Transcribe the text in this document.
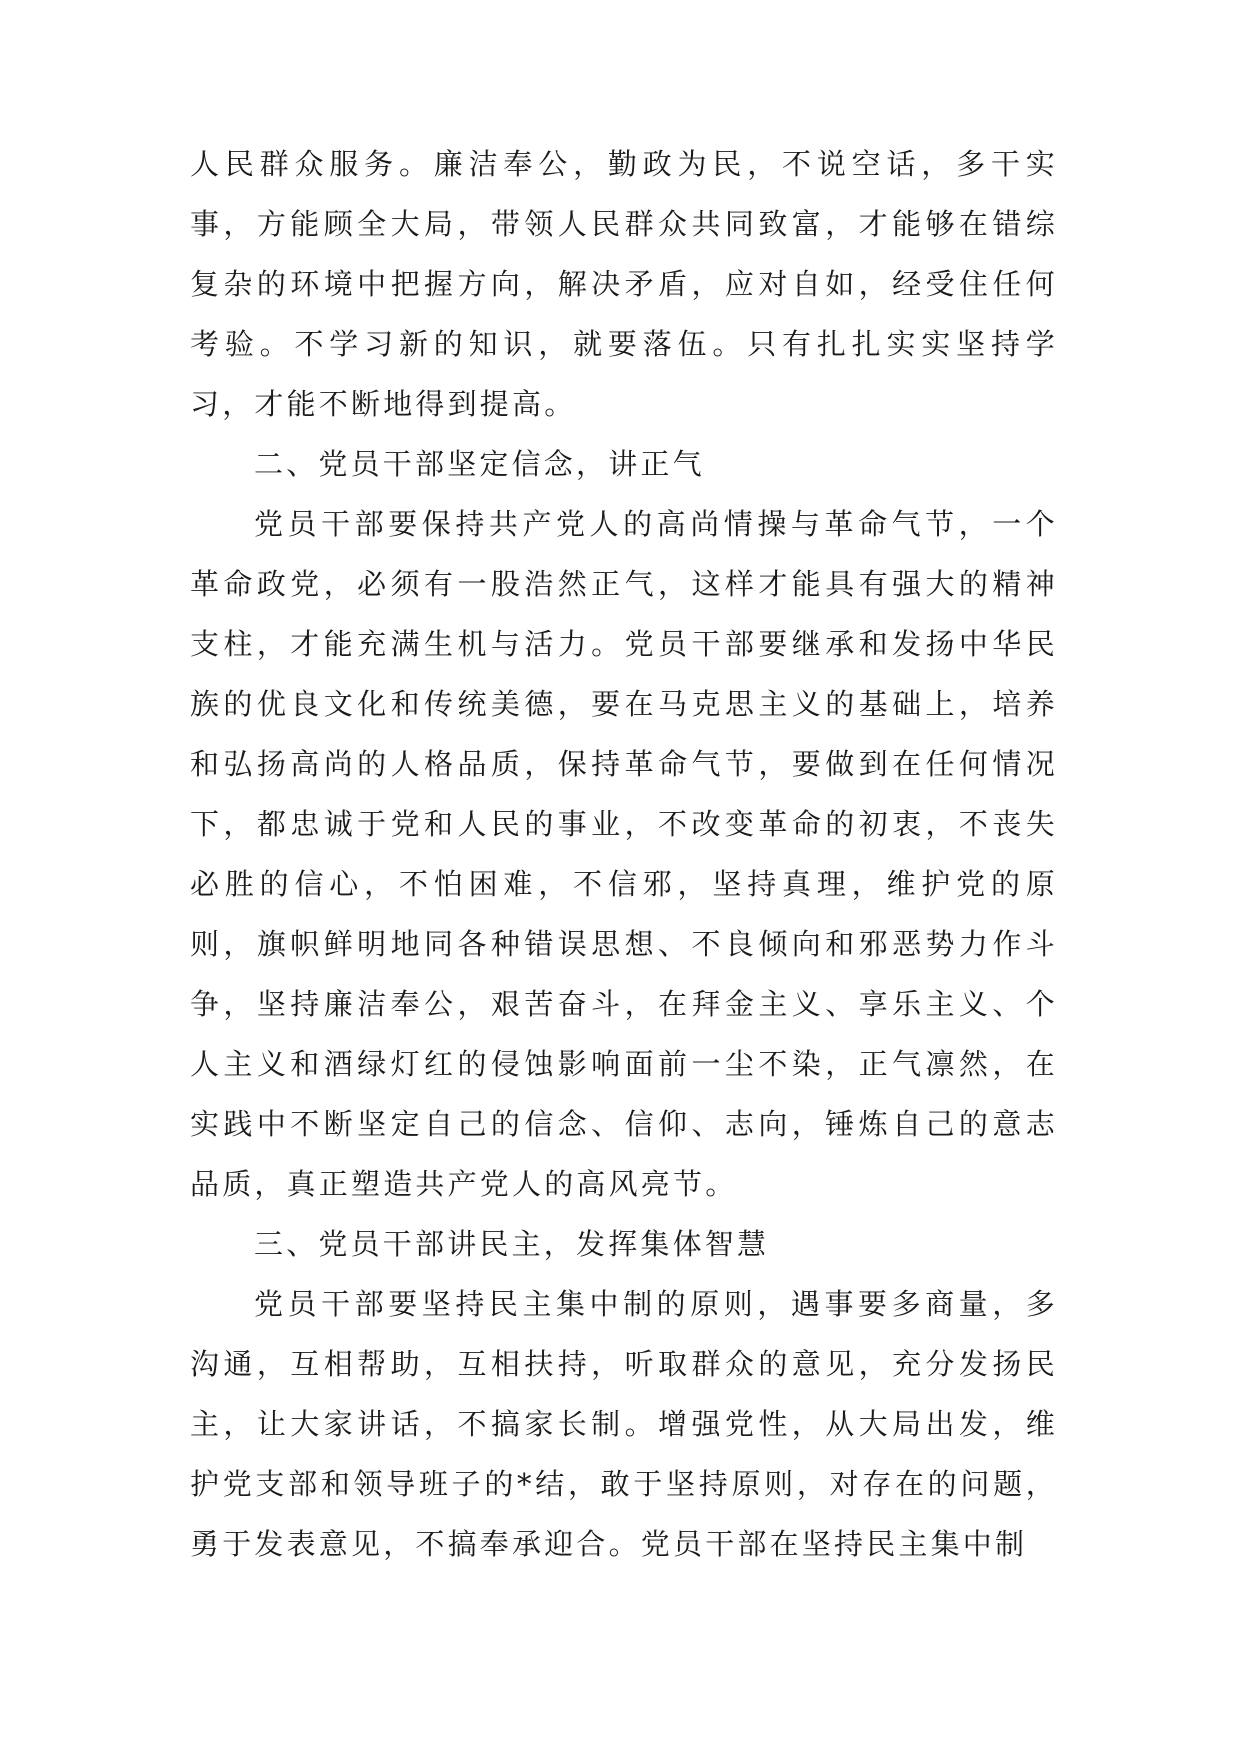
人民群众服务。廉洁奉公，勤政为民，不说空话，多干实事，方能顾全大局，带领人民群众共同致富，才能够在错综复杂的环境中把握方向，解决矛盾，应对自如，经受住任何考验。不学习新的知识，就要落伍。只有扎扎实实坚持学习，才能不断地得到提高。

二、党员干部坚定信念，讲正气

党员干部要保持共产党人的高尚情操与革命气节，一个革命政党，必须有一股浩然正气，这样才能具有强大的精神支柱，才能充满生机与活力。党员干部要继承和发扬中华民族的优良文化和传统美德，要在马克思主义的基础上，培养和弘扬高尚的人格品质，保持革命气节，要做到在任何情况下，都忠诚于党和人民的事业，不改变革命的初衷，不丧失必胜的信心，不怕困难，不信邪，坚持真理，维护党的原则，旗帜鲜明地同各种错误思想、不良倾向和邪恶势力作斗争，坚持廉洁奉公，艰苦奋斗，在拜金主义、享乐主义、个人主义和酒绿灯红的侵蚀影响面前一尘不染，正气凛然，在实践中不断坚定自己的信念、信仰、志向，锤炼自己的意志品质，真正塑造共产党人的高风亮节。

三、党员干部讲民主，发挥集体智慧

党员干部要坚持民主集中制的原则，遇事要多商量，多沟通，互相帮助，互相扶持，听取群众的意见，充分发扬民主，让大家讲话，不搞家长制。增强党性，从大局出发，维护党支部和领导班子的*结，敢于坚持原则，对存在的问题，勇于发表意见，不搞奉承迎合。党员干部在坚持民主集中制
